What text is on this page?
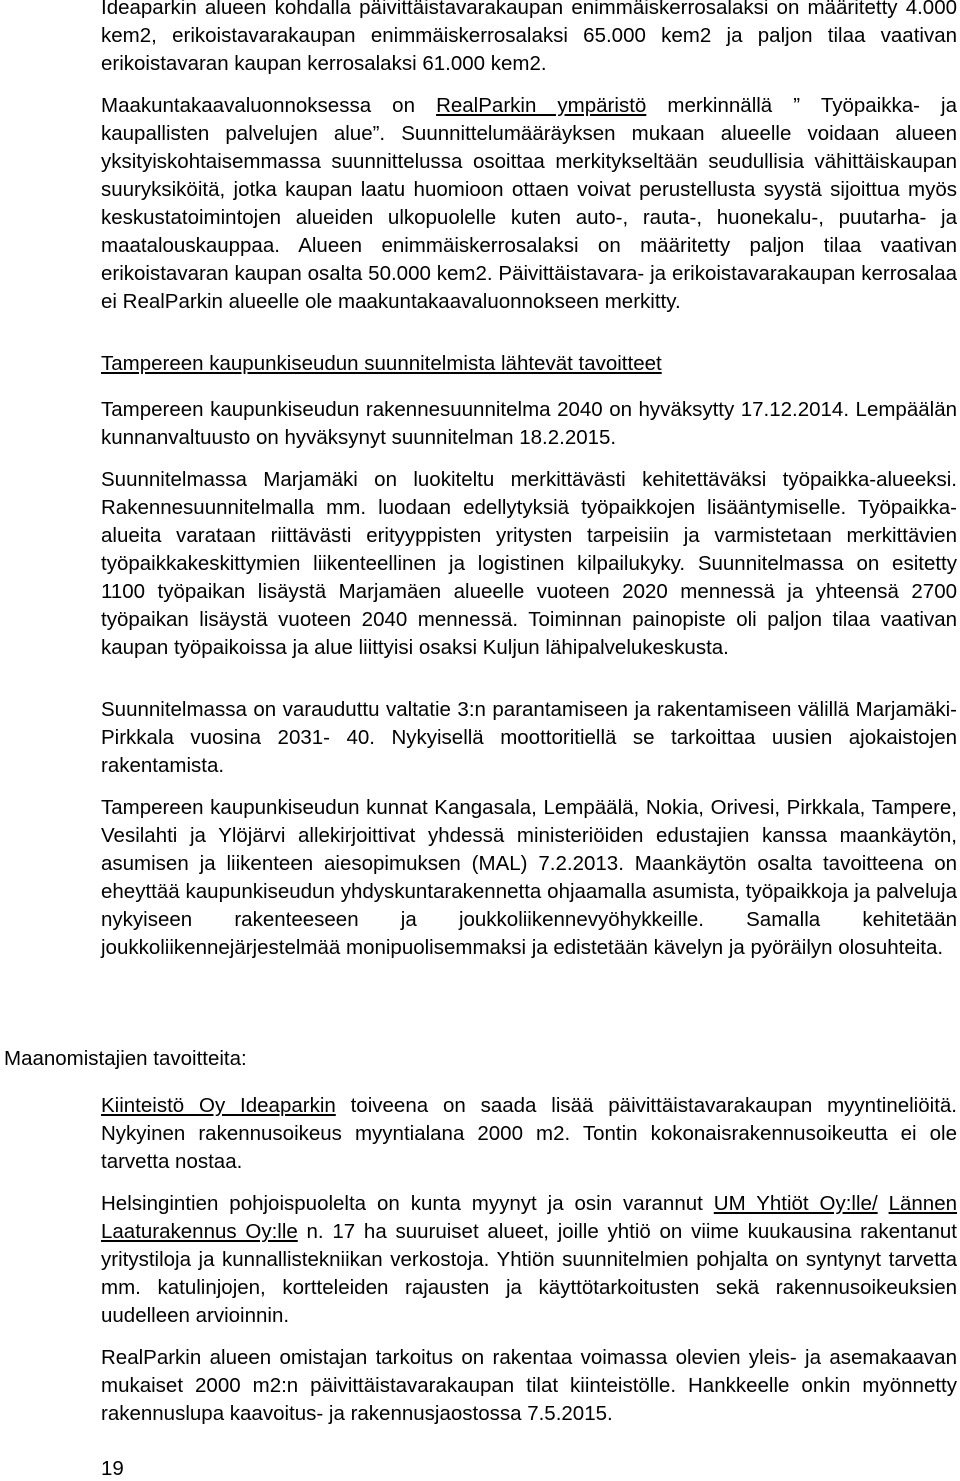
Ideaparkin alueen kohdalla päivittäistavarakaupan enimmäiskerrosalaksi on määritetty 4.000 kem2, erikoistavarakaupan enimmäiskerrosalaksi 65.000 kem2 ja paljon tilaa vaativan erikoistavaran kaupan kerrosalaksi 61.000 kem2.

Maakuntakaavaluonnoksessa on RealParkin ympäristö merkinnällä ” Työpaikka- ja kaupallisten palvelujen alue”. Suunnittelumääräyksen mukaan alueelle voidaan alueen yksityiskohtaisemmassa suunnittelussa osoittaa merkitykseltään seudullisia vähittäiskaupan suuryksiköitä, jotka kaupan laatu huomioon ottaen voivat perustellusta syystä sijoittua myös keskustatoimintojen alueiden ulkopuolelle kuten auto-, rauta-, huonekalu-, puutarha- ja maatalouskauppaa. Alueen enimmäiskerrosalaksi on määritetty paljon tilaa vaativan erikoistavaran kaupan osalta 50.000 kem2. Päivittäistavara- ja erikoistavarakaupan kerrosalaa ei RealParkin alueelle ole maakuntakaavaluonnokseen merkitty.

Tampereen kaupunkiseudun suunnitelmista lähtevät tavoitteet

Tampereen kaupunkiseudun rakennesuunnitelma 2040 on hyväksytty 17.12.2014. Lempäälän kunnanvaltuusto on hyväksynyt suunnitelman 18.2.2015.

Suunnitelmassa Marjamäki on luokiteltu merkittävästi kehitettäväksi työpaikka-alueeksi. Rakennesuunnitelmalla mm. luodaan edellytyksiä työpaikkojen lisääntymiselle. Työpaikka-alueita varataan riittävästi erityyppisten yritysten tarpeisiin ja varmistetaan merkittävien työpaikkakeskittymien liikenteellinen ja logistinen kilpailukyky. Suunnitelmassa on esitetty 1100 työpaikan lisäystä Marjamäen alueelle vuoteen 2020 mennessä ja yhteensä 2700 työpaikan lisäystä vuoteen 2040 mennessä. Toiminnan painopiste oli paljon tilaa vaativan kaupan työpaikoissa ja alue liittyisi osaksi Kuljun lähipalvelukeskusta.

Suunnitelmassa on varauduttu valtatie 3:n parantamiseen ja rakentamiseen välillä Marjamäki- Pirkkala vuosina 2031- 40. Nykyisellä moottoritiellä se tarkoittaa uusien ajokaistojen rakentamista.

Tampereen kaupunkiseudun kunnat Kangasala, Lempäälä, Nokia, Orivesi, Pirkkala, Tampere, Vesilahti ja Ylöjärvi allekirjoittivat yhdessä ministeriöiden edustajien kanssa maankäytön, asumisen ja liikenteen aiesopimuksen (MAL) 7.2.2013. Maankäytön osalta tavoitteena on eheyttää kaupunkiseudun yhdyskuntarakennetta ohjaamalla asumista, työpaikkoja ja palveluja nykyiseen rakenteeseen ja joukkoliikennevyöhykkeille. Samalla kehitetään joukkoliikennejärjestelmää monipuolisemmaksi ja edistetään kävelyn ja pyöräilyn olosuhteita.

Maanomistajien tavoitteita:

Kiinteistö Oy Ideaparkin toiveena on saada lisää päivittäistavarakaupan myyntineliöitä. Nykyinen rakennusoikeus myyntialana 2000 m2. Tontin kokonaisrakennusoikeutta ei ole tarvetta nostaa.

Helsingintien pohjoispuolelta on kunta myynyt ja osin varannut UM Yhtiöt Oy:lle/ Lännen Laaturakennus Oy:lle n. 17 ha suuruiset alueet, joille yhtiö on viime kuukausina rakentanut yritystiloja ja kunnallistekniikan verkostoja. Yhtiön suunnitelmien pohjalta on syntynyt tarvetta mm. katulinjojen, kortteleiden rajausten ja käyttötarkoitusten sekä rakennusoikeuksien uudelleen arvioinnin.

RealParkin alueen omistajan tarkoitus on rakentaa voimassa olevien yleis- ja asemakaavan mukaiset 2000 m2:n päivittäistavarakaupan tilat kiinteistölle. Hankkeelle onkin myönnetty rakennuslupa kaavoitus- ja rakennusjaostossa 7.5.2015.

19
